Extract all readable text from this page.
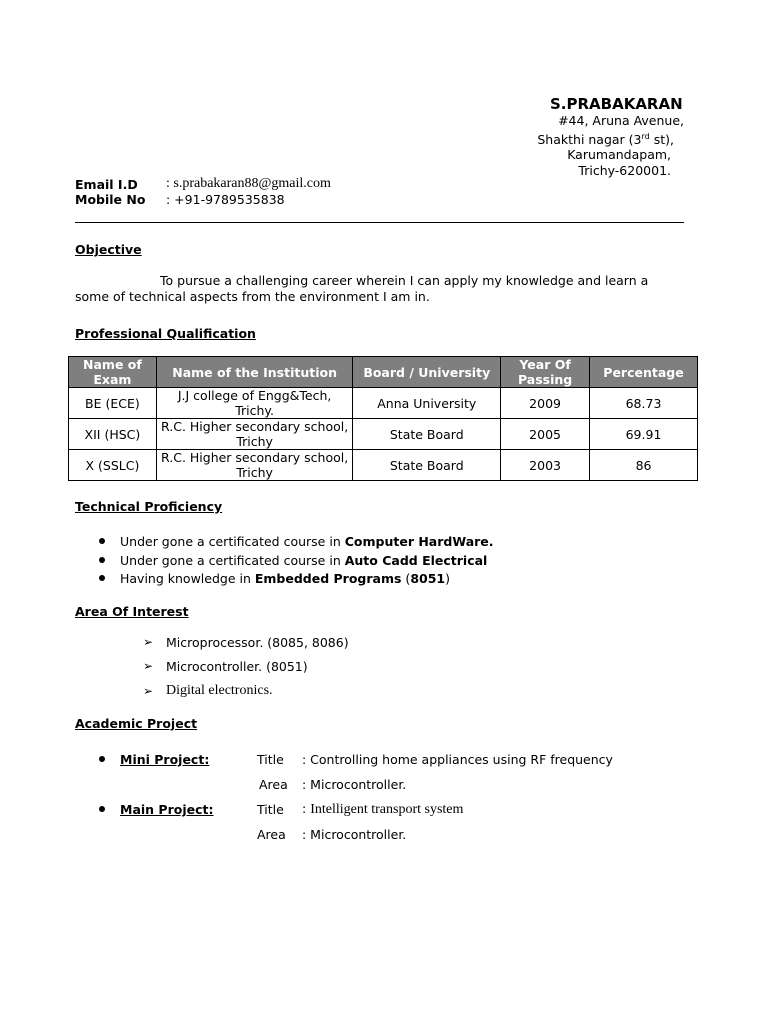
S.PRABAKARAN
#44, Aruna Avenue,
Shakthi nagar (3rd st),
Karumandapam,
Trichy-620001.
Email I.D : s.prabakaran88@gmail.com
Mobile No : +91-9789535838
Objective
To pursue a challenging career wherein I can apply my knowledge and learn a
some of technical aspects from the environment I am in.
Professional Qualification
Name of Exam	Name of the Institution	Board / University	Year Of Passing	Percentage
BE (ECE)	J.J college of Engg&Tech, Trichy.	Anna University	2009	68.73
XII (HSC)	R.C. Higher secondary school, Trichy	State Board	2005	69.91
X (SSLC)	R.C. Higher secondary school, Trichy	State Board	2003	86
Technical Proficiency
Under gone a certificated course in Computer HardWare.
Under gone a certificated course in Auto Cadd Electrical
Having knowledge in Embedded Programs (8051)
Area Of Interest
➢ Microprocessor. (8085, 8086)
➢ Microcontroller. (8051)
➢ Digital electronics.
Academic Project
Mini Project:	Title : Controlling home appliances using RF frequency
Area : Microcontroller.
Main Project:	Title : Intelligent transport system
Area : Microcontroller.
